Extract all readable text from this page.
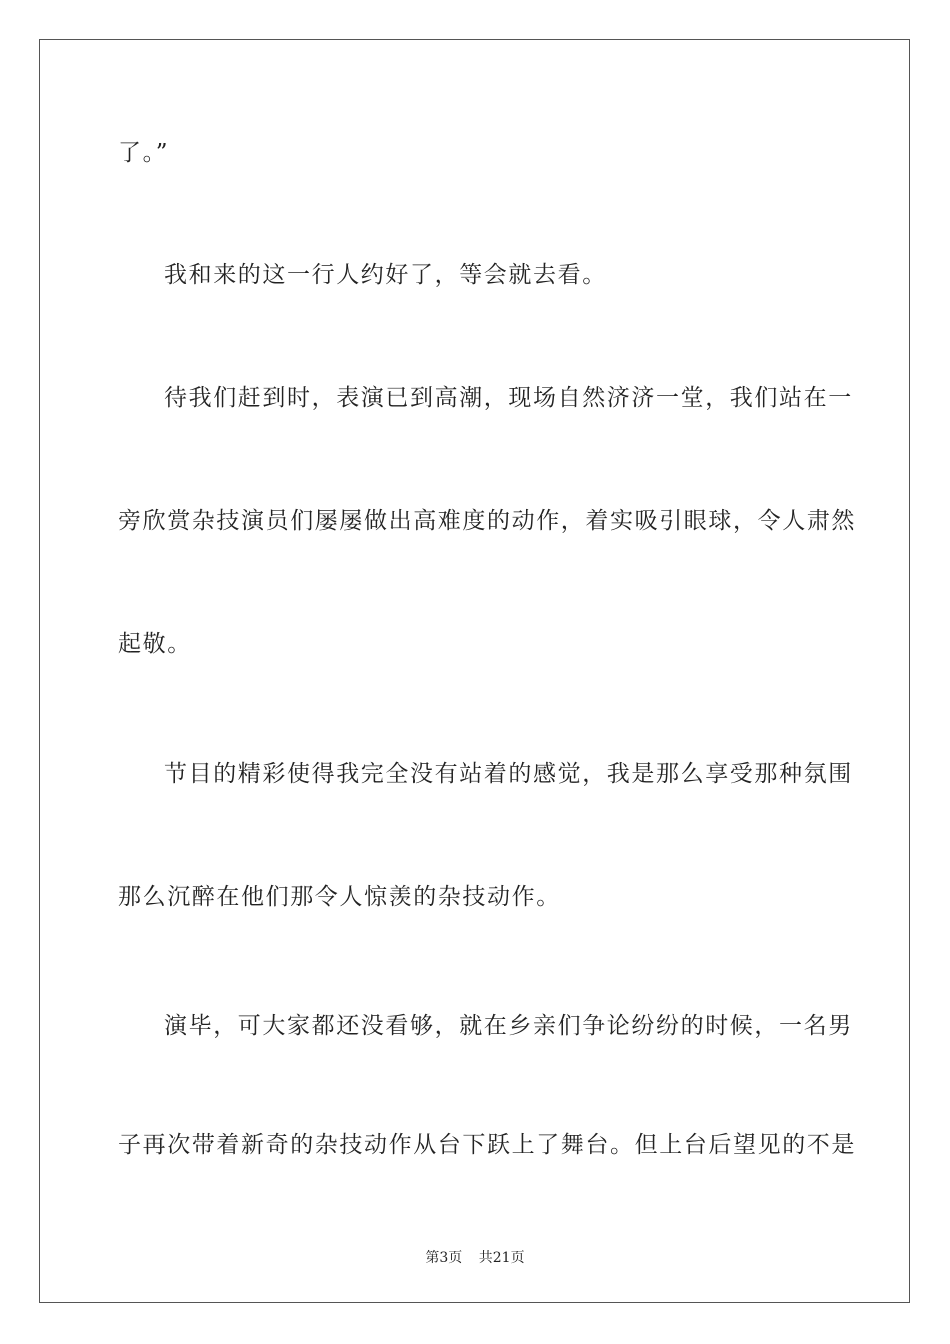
了。”
我和来的这一行人约好了，等会就去看。
待我们赶到时，表演已到高潮，现场自然济济一堂，我们站在一
旁欣赏杂技演员们屡屡做出高难度的动作，着实吸引眼球，令人肃然
起敬。
节目的精彩使得我完全没有站着的感觉，我是那么享受那种氛围
那么沉醉在他们那令人惊羡的杂技动作。
演毕，可大家都还没看够，就在乡亲们争论纷纷的时候，一名男
子再次带着新奇的杂技动作从台下跃上了舞台。但上台后望见的不是
第3页 共21页
